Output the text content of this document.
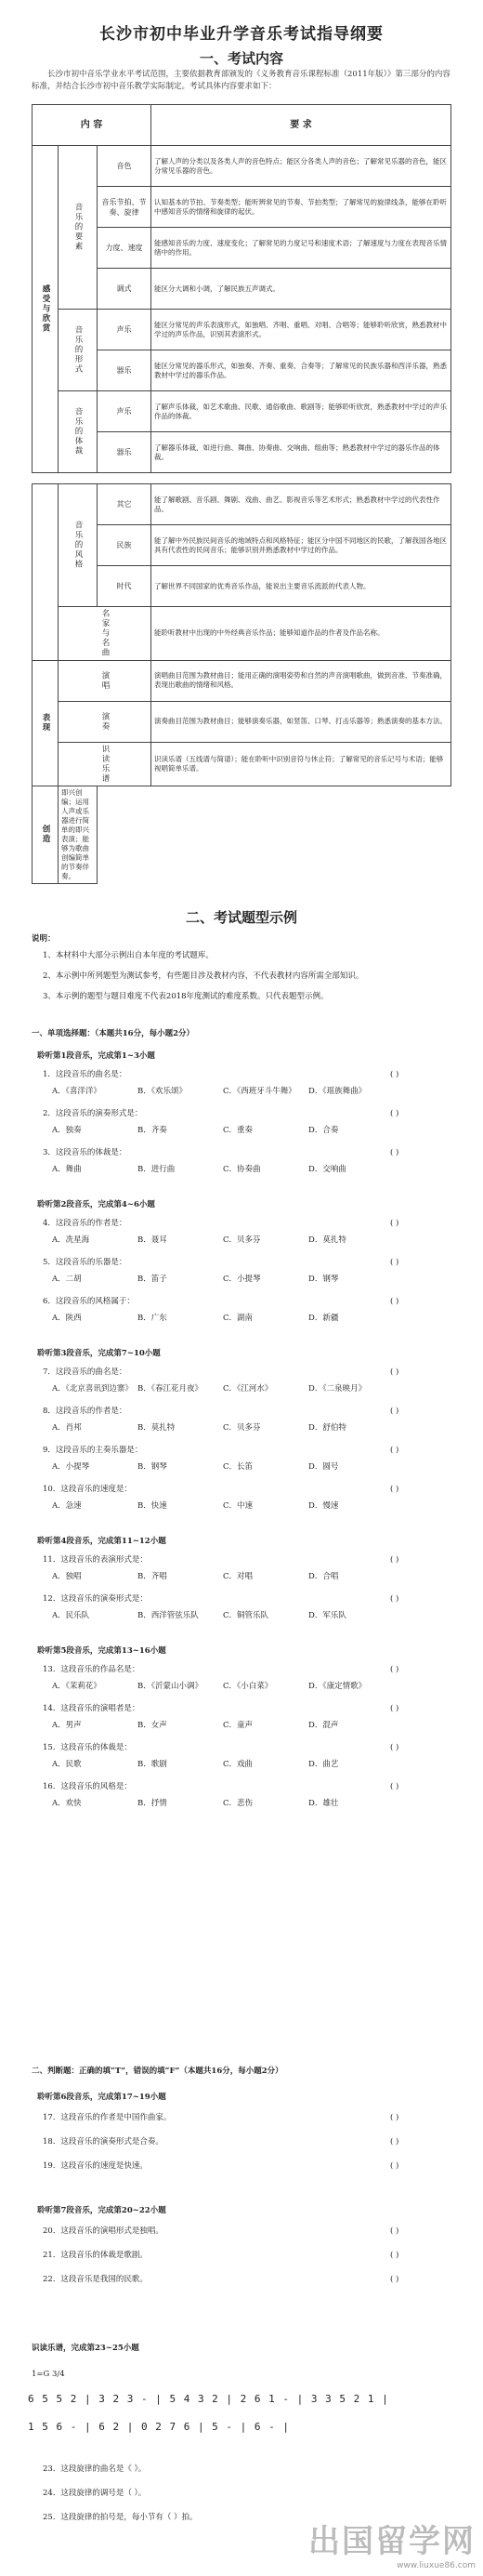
长沙市初中毕业升学音乐考试指导纲要
一、考试内容
长沙市初中音乐学业水平考试范围，主要依据教育部颁发的《义务教育音乐课程标准（2011年版）》第三部分的内容标准，并结合长沙市初中音乐教学实际制定。考试具体内容要求如下：
内 容			要 求
感受与欣赏	音乐的要素	音色	了解人声的分类以及各类人声的音色特点；能区分各类人声的音色；了解常见乐器的音色，能区分常见乐器的音色。
		音乐节拍、节奏、旋律	认知基本的节拍、节奏类型；能听辨常见的节奏、节拍类型；了解常见的旋律线条，能够在聆听中感知音乐的情绪和旋律的起伏。
		力度、速度	能感知音乐的力度、速度变化；了解常见的力度记号和速度术语；了解速度与力度在表现音乐情绪中的作用。
		调式	能区分大调和小调，了解民族五声调式。
	音乐的形式	声乐	能区分常见的声乐表演形式，如独唱、齐唱、重唱、对唱、合唱等；能够聆听欣赏，熟悉教材中学过的声乐作品，识别其表演形式。
		器乐	能区分常见的器乐形式，如独奏、齐奏、重奏、合奏等；了解常见的民族乐器和西洋乐器，熟悉教材中学过的器乐作品。
	音乐的体裁	声乐	了解声乐体裁，如艺术歌曲、民歌、通俗歌曲、歌剧等；能够聆听欣赏，熟悉教材中学过的声乐作品的体裁。
		器乐	了解器乐体裁，如进行曲、舞曲、协奏曲、交响曲、组曲等；熟悉教材中学过的器乐作品的体裁。
	音乐的风格	其它	能了解歌剧、音乐剧、舞剧、戏曲、曲艺、影视音乐等艺术形式；熟悉教材中学过的代表性作品。
		民族	能了解中外民族民间音乐的地域特点和风格特征；能区分中国不同地区的民歌，了解我国各地区具有代表性的民间音乐；能够识别并熟悉教材中学过的作品。
		时代	了解世界不同国家的优秀音乐作品，能说出主要音乐流派的代表人物。
	名家与名曲		能聆听教材中出现的中外经典音乐作品；能够知道作品的作者及作品名称。
表现	演唱		演唱曲目范围为教材曲目；能用正确的演唱姿势和自然的声音演唱歌曲，做到音准、节奏准确，表现出歌曲的情绪和风格。
	演奏		演奏曲目范围为教材曲目；能够演奏乐器，如竖笛、口琴、打击乐器等；熟悉演奏的基本方法。
	识读乐谱		识读乐谱（五线谱与简谱）；能在聆听中识别音符与休止符；了解常见的音乐记号与术语；能够视唱简单乐谱。
创造	即兴创编；运用人声或乐器进行简单的即兴表演；能够为歌曲创编简单的节奏伴奏。		
二、考试题型示例
说明：
1、本材料中大部分示例出自本年度的考试题库。
2、本示例中所列题型为测试参考，有些题目涉及教材内容，不代表教材内容所需全部知识。
3、本示例的题型与题目难度不代表2018年度测试的难度系数。只代表题型示例。
一、单项选择题：（本题共16分，每小题2分）
聆听第1段音乐，完成第1~3小题
1．这段音乐的曲名是：	( )
A．《喜洋洋》	B．《欢乐颂》	C．《西班牙斗牛舞》 D．《瑶族舞曲》
2．这段音乐的演奏形式是：	( )
A．独奏	B．齐奏	C．重奏	D．合奏
3．这段音乐的体裁是：	( )
A．舞曲	B．进行曲	C．协奏曲	D．交响曲
聆听第2段音乐，完成第4~6小题
4．这段音乐的作者是：	( )
A．冼星海	B．聂耳	C．贝多芬	D．莫扎特
5．这段音乐的乐器是：	( )
A．二胡	B．笛子	C．小提琴	D．钢琴
6．这段音乐的风格属于：	( )
A．陕西	B．广东	C．湖南	D．新疆
聆听第3段音乐，完成第7~10小题
7．这段音乐的曲名是：	( )
A．《北京喜讯到边寨》 B．《春江花月夜》	C．《江河水》	D．《二泉映月》
8．这段音乐的作者是：	( )
A．肖邦	B．莫扎特	C．贝多芬	D．舒伯特
9．这段音乐的主奏乐器是：	( )
A．小提琴	B．钢琴	C．长笛	D．圆号
10．这段音乐的速度是：	( )
A．急速	B．快速	C．中速	D．慢速
聆听第4段音乐，完成第11~12小题
11．这段音乐的表演形式是：	( )
A．独唱	B．齐唱	C．对唱	D．合唱
12．这段音乐的演奏形式是：	( )
A．民乐队	B．西洋管弦乐队	C．铜管乐队	D．军乐队
聆听第5段音乐，完成第13~16小题
13．这段音乐的作品名是：	( )
A．《茉莉花》	B．《沂蒙山小调》	C．《小白菜》	D．《康定情歌》
14．这段音乐的演唱者是：	( )
A．男声	B．女声	C．童声	D．混声
15．这段音乐的体裁是：	( )
A．民歌	B．歌剧	C．戏曲	D．曲艺
16．这段音乐的风格是：	( )
A．欢快	B．抒情	C．悲伤	D．雄壮
二、判断题：正确的填“T”，错误的填“F”（本题共16分，每小题2分）
聆听第6段音乐，完成第17~19小题
17．这段音乐的作者是中国作曲家。	( )
18．这段音乐的演奏形式是合奏。	( )
19．这段音乐的速度是快速。	( )
聆听第7段音乐，完成第20~22小题
20．这段音乐的演唱形式是独唱。	( )
21．这段音乐的体裁是歌剧。	( )
22．这段音乐是我国的民歌。	( )
识读乐谱，完成第23~25小题
1=G 3/4
6 5 5 2 | 3 2 3 - | 5 4 3 2 | 2 6 1 - | 3 3 5 2 1 |
1 5 6 - | 6 2 | 0 2 7 6 | 5 - | 6 - |
23．这段旋律的曲名是《 》。
24．这段旋律的调号是（ ）。
25．这段旋律的拍号是，每小节有（ ）拍。
出国留学网
www.liuxue86.com
